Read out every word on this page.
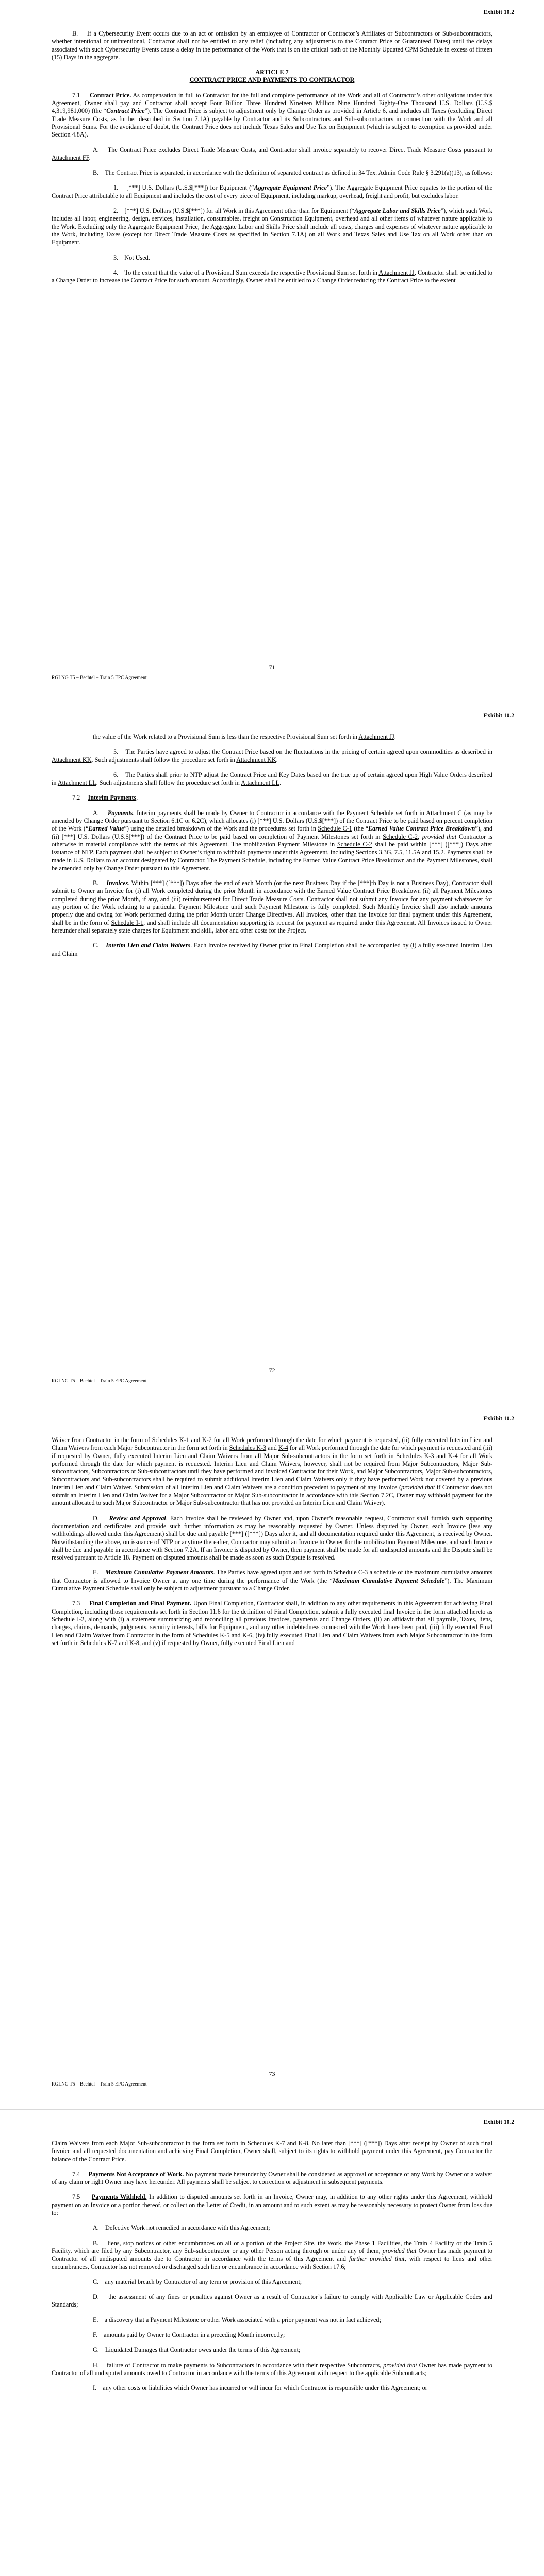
Exhibit 10.2

B.    If a Cybersecurity Event occurs due to an act or omission by an employee of Contractor or Contractor’s Affiliates or Subcontractors or Sub-subcontractors, whether intentional or unintentional, Contractor shall not be entitled to any relief (including any adjustments to the Contract Price or Guaranteed Dates) until the delays associated with such Cybersecurity Events cause a delay in the performance of the Work that is on the critical path of the Monthly Updated CPM Schedule in excess of fifteen (15) Days in the aggregate.

ARTICLE 7

CONTRACT PRICE AND PAYMENTS TO CONTRACTOR

7.1 Contract Price. As compensation in full to Contractor for the full and complete performance of the Work and all of Contractor’s other obligations under this Agreement, Owner shall pay and Contractor shall accept Four Billion Three Hundred Nineteen Million Nine Hundred Eighty-One Thousand U.S. Dollars (U.S.$ 4,319,981,000) (the “Contract Price”). The Contract Price is subject to adjustment only by Change Order as provided in Article 6, and includes all Taxes (excluding Direct Trade Measure Costs, as further described in Section 7.1A) payable by Contractor and its Subcontractors and Sub-subcontractors in connection with the Work and all Provisional Sums. For the avoidance of doubt, the Contract Price does not include Texas Sales and Use Tax on Equipment (which is subject to exemption as provided under Section 4.8A).

A.    The Contract Price excludes Direct Trade Measure Costs, and Contractor shall invoice separately to recover Direct Trade Measure Costs pursuant to Attachment FF.

B.    The Contract Price is separated, in accordance with the definition of separated contract as defined in 34 Tex. Admin Code Rule § 3.291(a)(13), as follows:

1.    [***] U.S. Dollars (U.S.$[***]) for Equipment (“Aggregate Equipment Price”). The Aggregate Equipment Price equates to the portion of the Contract Price attributable to all Equipment and includes the cost of every piece of Equipment, including markup, overhead, freight and profit, but excludes labor.

2.    [***] U.S. Dollars (U.S.$[***]) for all Work in this Agreement other than for Equipment (“Aggregate Labor and Skills Price”), which such Work includes all labor, engineering, design, services, installation, consumables, freight on Construction Equipment, overhead and all other items of whatever nature applicable to the Work. Excluding only the Aggregate Equipment Price, the Aggregate Labor and Skills Price shall include all costs, charges and expenses of whatever nature applicable to the Work, including Taxes (except for Direct Trade Measure Costs as specified in Section 7.1A) on all Work and Texas Sales and Use Tax on all Work other than on Equipment.

3.    Not Used.

4.    To the extent that the value of a Provisional Sum exceeds the respective Provisional Sum set forth in Attachment JJ, Contractor shall be entitled to a Change Order to increase the Contract Price for such amount. Accordingly, Owner shall be entitled to a Change Order reducing the Contract Price to the extent

71
RGLNG T5 – Bechtel – Train 5 EPC Agreement
Exhibit 10.2

the value of the Work related to a Provisional Sum is less than the respective Provisional Sum set forth in Attachment JJ.

5.    The Parties have agreed to adjust the Contract Price based on the fluctuations in the pricing of certain agreed upon commodities as described in Attachment KK. Such adjustments shall follow the procedure set forth in Attachment KK.

6.    The Parties shall prior to NTP adjust the Contract Price and Key Dates based on the true up of certain agreed upon High Value Orders described in Attachment LL. Such adjustments shall follow the procedure set forth in Attachment LL.

7.2 Interim Payments.

A. Payments. Interim payments shall be made by Owner to Contractor in accordance with the Payment Schedule set forth in Attachment C (as may be amended by Change Order pursuant to Section 6.1C or 6.2C), which allocates (i) [***] U.S. Dollars (U.S.$[***]) of the Contract Price to be paid based on percent completion of the Work (“Earned Value”) using the detailed breakdown of the Work and the procedures set forth in Schedule C-1 (the “Earned Value Contract Price Breakdown”), and (ii) [***] U.S. Dollars (U.S.$[***]) of the Contract Price to be paid based on completion of Payment Milestones set forth in Schedule C-2; provided that Contractor is otherwise in material compliance with the terms of this Agreement. The mobilization Payment Milestone in Schedule C-2 shall be paid within [***] ([***]) Days after issuance of NTP. Each payment shall be subject to Owner’s right to withhold payments under this Agreement, including Sections 3.3G, 7.5, 11.5A and 15.2. Payments shall be made in U.S. Dollars to an account designated by Contractor. The Payment Schedule, including the Earned Value Contract Price Breakdown and the Payment Milestones, shall be amended only by Change Order pursuant to this Agreement.

B. Invoices. Within [***] ([***]) Days after the end of each Month (or the next Business Day if the [***]th Day is not a Business Day), Contractor shall submit to Owner an Invoice for (i) all Work completed during the prior Month in accordance with the Earned Value Contract Price Breakdown (ii) all Payment Milestones completed during the prior Month, if any, and (iii) reimbursement for Direct Trade Measure Costs. Contractor shall not submit any Invoice for any payment whatsoever for any portion of the Work relating to a particular Payment Milestone until such Payment Milestone is fully completed. Such Monthly Invoice shall also include amounts properly due and owing for Work performed during the prior Month under Change Directives. All Invoices, other than the Invoice for final payment under this Agreement, shall be in the form of Schedule I-1, and shall include all documentation supporting its request for payment as required under this Agreement. All Invoices issued to Owner hereunder shall separately state charges for Equipment and skill, labor and other costs for the Project.

C. Interim Lien and Claim Waivers. Each Invoice received by Owner prior to Final Completion shall be accompanied by (i) a fully executed Interim Lien and Claim

72
RGLNG T5 – Bechtel – Train 5 EPC Agreement
Exhibit 10.2

Waiver from Contractor in the form of Schedules K-1 and K-2 for all Work performed through the date for which payment is requested, (ii) fully executed Interim Lien and Claim Waivers from each Major Subcontractor in the form set forth in Schedules K-3 and K-4 for all Work performed through the date for which payment is requested and (iii) if requested by Owner, fully executed Interim Lien and Claim Waivers from all Major Sub-subcontractors in the form set forth in Schedules K-3 and K-4 for all Work performed through the date for which payment is requested. Interim Lien and Claim Waivers, however, shall not be required from Major Subcontractors, Major Sub-subcontractors, Subcontractors or Sub-subcontractors until they have performed and invoiced Contractor for their Work, and Major Subcontractors, Major Sub-subcontractors, Subcontractors and Sub-subcontractors shall be required to submit additional Interim Lien and Claim Waivers only if they have performed Work not covered by a previous Interim Lien and Claim Waiver. Submission of all Interim Lien and Claim Waivers are a condition precedent to payment of any Invoice (provided that if Contractor does not submit an Interim Lien and Claim Waiver for a Major Subcontractor or Major Sub-subcontractor in accordance with this Section 7.2C, Owner may withhold payment for the amount allocated to such Major Subcontractor or Major Sub-subcontractor that has not provided an Interim Lien and Claim Waiver).

D. Review and Approval. Each Invoice shall be reviewed by Owner and, upon Owner’s reasonable request, Contractor shall furnish such supporting documentation and certificates and provide such further information as may be reasonably requested by Owner. Unless disputed by Owner, each Invoice (less any withholdings allowed under this Agreement) shall be due and payable [***] ([***]) Days after it, and all documentation required under this Agreement, is received by Owner. Notwithstanding the above, on issuance of NTP or anytime thereafter, Contractor may submit an Invoice to Owner for the mobilization Payment Milestone, and such Invoice shall be due and payable in accordance with Section 7.2A. If an Invoice is disputed by Owner, then payment shall be made for all undisputed amounts and the Dispute shall be resolved pursuant to Article 18. Payment on disputed amounts shall be made as soon as such Dispute is resolved.

E. Maximum Cumulative Payment Amounts. The Parties have agreed upon and set forth in Schedule C-3 a schedule of the maximum cumulative amounts that Contractor is allowed to Invoice Owner at any one time during the performance of the Work (the “Maximum Cumulative Payment Schedule”). The Maximum Cumulative Payment Schedule shall only be subject to adjustment pursuant to a Change Order.

7.3 Final Completion and Final Payment. Upon Final Completion, Contractor shall, in addition to any other requirements in this Agreement for achieving Final Completion, including those requirements set forth in Section 11.6 for the definition of Final Completion, submit a fully executed final Invoice in the form attached hereto as Schedule I-2, along with (i) a statement summarizing and reconciling all previous Invoices, payments and Change Orders, (ii) an affidavit that all payrolls, Taxes, liens, charges, claims, demands, judgments, security interests, bills for Equipment, and any other indebtedness connected with the Work have been paid, (iii) fully executed Final Lien and Claim Waiver from Contractor in the form of Schedules K-5 and K-6, (iv) fully executed Final Lien and Claim Waivers from each Major Subcontractor in the form set forth in Schedules K-7 and K-8, and (v) if requested by Owner, fully executed Final Lien and

73
RGLNG T5 – Bechtel – Train 5 EPC Agreement
Exhibit 10.2

Claim Waivers from each Major Sub-subcontractor in the form set forth in Schedules K-7 and K-8. No later than [***] ([***]) Days after receipt by Owner of such final Invoice and all requested documentation and achieving Final Completion, Owner shall, subject to its rights to withhold payment under this Agreement, pay Contractor the balance of the Contract Price.

7.4 Payments Not Acceptance of Work. No payment made hereunder by Owner shall be considered as approval or acceptance of any Work by Owner or a waiver of any claim or right Owner may have hereunder. All payments shall be subject to correction or adjustment in subsequent payments.

7.5 Payments Withheld. In addition to disputed amounts set forth in an Invoice, Owner may, in addition to any other rights under this Agreement, withhold payment on an Invoice or a portion thereof, or collect on the Letter of Credit, in an amount and to such extent as may be reasonably necessary to protect Owner from loss due to:

A.    Defective Work not remedied in accordance with this Agreement;

B.    liens, stop notices or other encumbrances on all or a portion of the Project Site, the Work, the Phase 1 Facilities, the Train 4 Facility or the Train 5 Facility, which are filed by any Subcontractor, any Sub-subcontractor or any other Person acting through or under any of them, provided that Owner has made payment to Contractor of all undisputed amounts due to Contractor in accordance with the terms of this Agreement and further provided that, with respect to liens and other encumbrances, Contractor has not removed or discharged such lien or encumbrance in accordance with Section 17.6;

C.    any material breach by Contractor of any term or provision of this Agreement;

D.    the assessment of any fines or penalties against Owner as a result of Contractor’s failure to comply with Applicable Law or Applicable Codes and Standards;

E.    a discovery that a Payment Milestone or other Work associated with a prior payment was not in fact achieved;

F.    amounts paid by Owner to Contractor in a preceding Month incorrectly;

G.    Liquidated Damages that Contractor owes under the terms of this Agreement;

H.    failure of Contractor to make payments to Subcontractors in accordance with their respective Subcontracts, provided that Owner has made payment to Contractor of all undisputed amounts owed to Contractor in accordance with the terms of this Agreement with respect to the applicable Subcontracts;

I.    any other costs or liabilities which Owner has incurred or will incur for which Contractor is responsible under this Agreement; or
